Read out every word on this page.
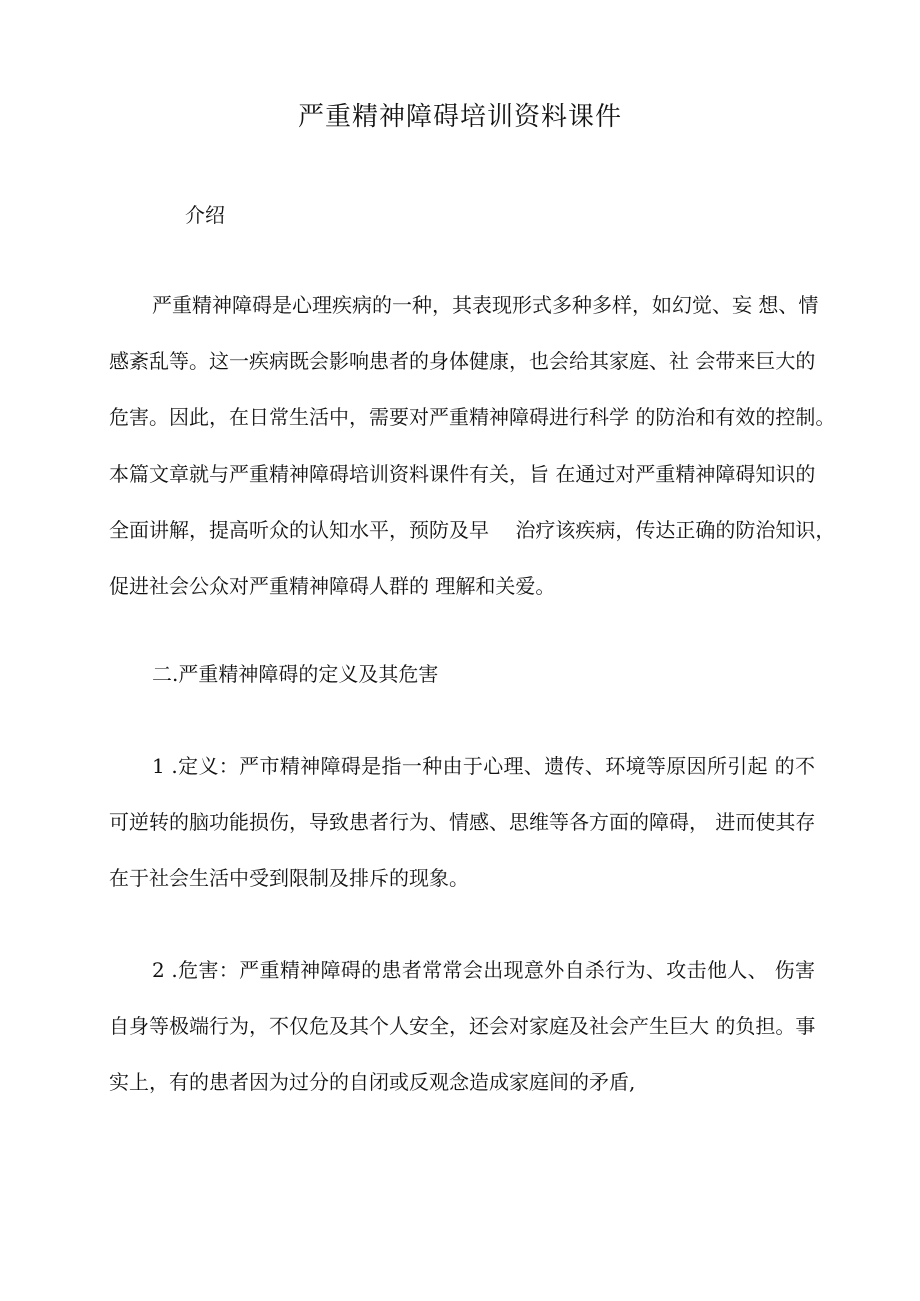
严重精神障碍培训资料课件
介绍
严重精神障碍是心理疾病的一种，其表现形式多种多样，如幻觉、妄 想、情
感紊乱等。这一疾病既会影响患者的身体健康，也会给其家庭、社 会带来巨大的
危害。因此，在日常生活中，需要对严重精神障碍进行科学 的防治和有效的控制。
本篇文章就与严重精神障碍培训资料课件有关，旨 在通过对严重精神障碍知识的
全面讲解，提高听众的认知水平，预防及早　 治疗该疾病，传达正确的防治知识，
促进社会公众对严重精神障碍人群的 理解和关爱。
二.严重精神障碍的定义及其危害
1 .定义：严市精神障碍是指一种由于心理、遗传、环境等原因所引起 的不
可逆转的脑功能损伤，导致患者行为、情感、思维等各方面的障碍， 进而使其存
在于社会生活中受到限制及排斥的现象。
2 .危害：严重精神障碍的患者常常会出现意外自杀行为、攻击他人、 伤害
自身等极端行为，不仅危及其个人安全，还会对家庭及社会产生巨大 的负担。事
实上，有的患者因为过分的自闭或反观念造成家庭间的矛盾,
